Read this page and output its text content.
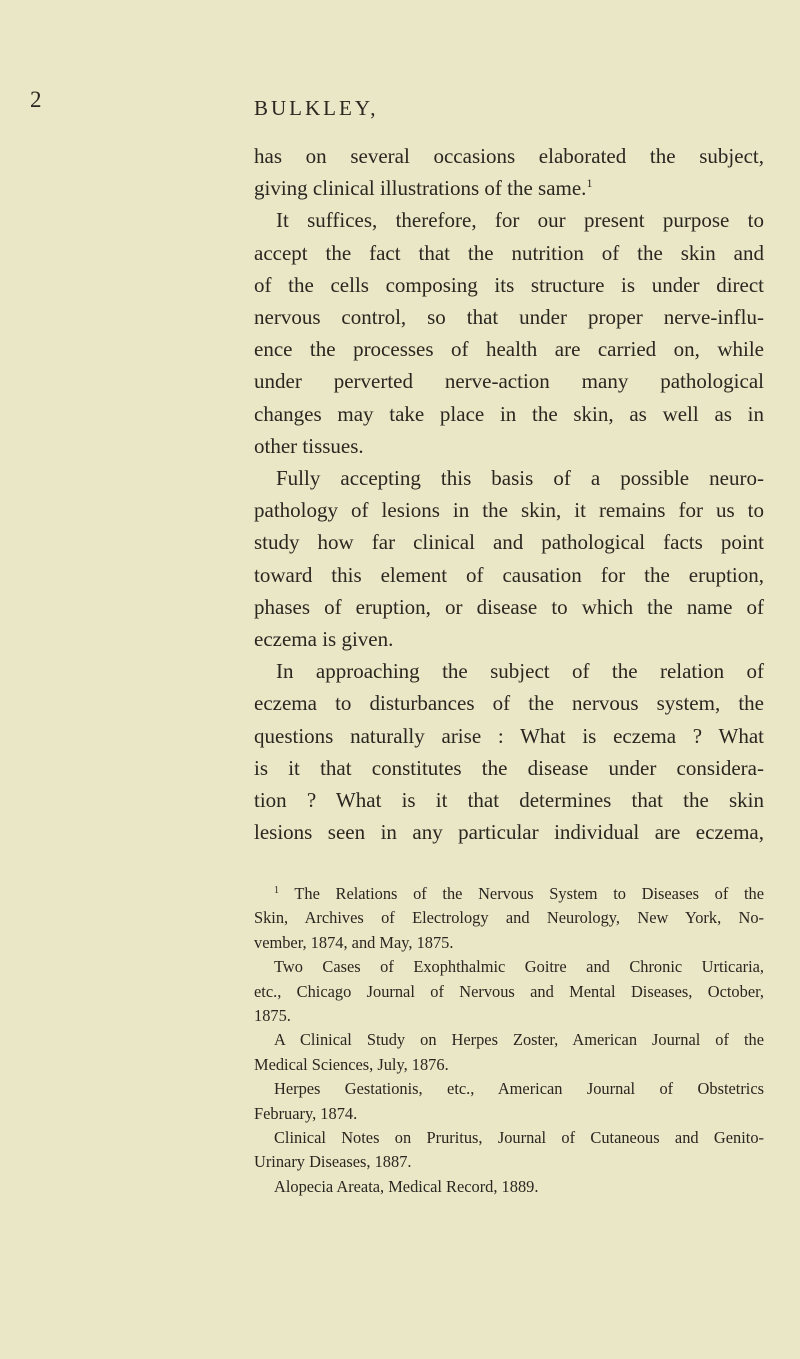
2	BULKLEY,
has on several occasions elaborated the subject,
giving clinical illustrations of the same.$^1$
It suffices, therefore, for our present purpose to
accept the fact that the nutrition of the skin and
of the cells composing its structure is under direct
nervous control, so that under proper nerve-influ-
ence the processes of health are carried on, while
under perverted nerve-action many pathological
changes may take place in the skin, as well as in
other tissues.
Fully accepting this basis of a possible neuro-
pathology of lesions in the skin, it remains for us to
study how far clinical and pathological facts point
toward this element of causation for the eruption,
phases of eruption, or disease to which the name of
eczema is given.
In approaching the subject of the relation of
eczema to disturbances of the nervous system, the
questions naturally arise : What is eczema ? What
is it that constitutes the disease under considera-
tion ? What is it that determines that the skin
lesions seen in any particular individual are eczema,
$^1$ The Relations of the Nervous System to Diseases of the
Skin, Archives of Electrology and Neurology, New York, No-
vember, 1874, and May, 1875.
Two Cases of Exophthalmic Goitre and Chronic Urticaria,
etc., Chicago Journal of Nervous and Mental Diseases, October,
1875.
A Clinical Study on Herpes Zoster, American Journal of the
Medical Sciences, July, 1876.
Herpes Gestationis, etc., American Journal of Obstetrics
February, 1874.
Clinical Notes on Pruritus, Journal of Cutaneous and Genito-
Urinary Diseases, 1887.
Alopecia Areata, Medical Record, 1889.
